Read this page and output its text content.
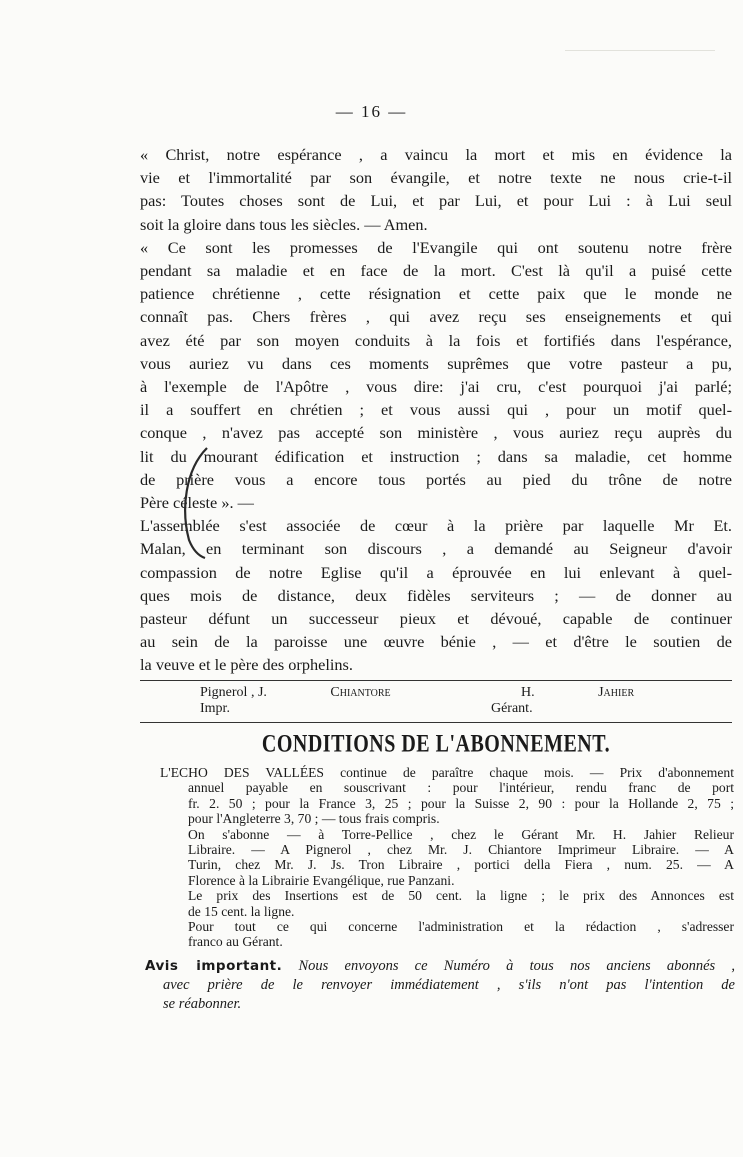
— 16 —
« Christ, notre espérance , a vaincu la mort et mis en évidence la
vie et l'immortalité par son évangile, et notre texte ne nous crie-t-il
pas: Toutes choses sont de Lui, et par Lui, et pour Lui : à Lui seul
soit la gloire dans tous les siècles. — Amen.
« Ce sont les promesses de l'Evangile qui ont soutenu notre frère
pendant sa maladie et en face de la mort. C'est là qu'il a puisé cette
patience chrétienne , cette résignation et cette paix que le monde ne
connaît pas. Chers frères , qui avez reçu ses enseignements et qui
avez été par son moyen conduits à la fois et fortifiés dans l'espérance,
vous auriez vu dans ces moments suprêmes que votre pasteur a pu,
à l'exemple de l'Apôtre , vous dire: j'ai cru, c'est pourquoi j'ai parlé;
il a souffert en chrétien ; et vous aussi qui , pour un motif quel-
conque , n'avez pas accepté son ministère , vous auriez reçu auprès du
lit du mourant édification et instruction ; dans sa maladie, cet homme
de prière vous a encore tous portés au pied du trône de notre
Père céleste ». —
L'assemblée s'est associée de cœur à la prière par laquelle Mr Et.
Malan, en terminant son discours , a demandé au Seigneur d'avoir
compassion de notre Eglise qu'il a éprouvée en lui enlevant à quel-
ques mois de distance, deux fidèles serviteurs ; — de donner au
pasteur défunt un successeur pieux et dévoué, capable de continuer
au sein de la paroisse une œuvre bénie , — et d'être le soutien de
la veuve et le père des orphelins.
Pignerol , J.	Chiantore Impr.
H.	Jahier Gérant.
CONDITIONS DE L'ABONNEMENT.
L'ECHO DES VALLÉES continue de paraître chaque mois. — Prix d'abonnement
annuel payable en souscrivant : pour l'intérieur, rendu franc de port
fr. 2. 50 ; pour la France 3, 25 ; pour la Suisse 2, 90 : pour la Hollande 2, 75 ;
pour l'Angleterre 3, 70 ; — tous frais compris.
On s'abonne — à Torre-Pellice , chez le Gérant Mr. H. Jahier Relieur
Libraire. — A Pignerol , chez Mr. J. Chiantore Imprimeur Libraire. — A
Turin, chez Mr. J. Js. Tron Libraire , portici della Fiera , num. 25. — A
Florence à la Librairie Evangélique, rue Panzani.
Le prix des Insertions est de 50 cent. la ligne ; le prix des Annonces est
de 15 cent. la ligne.
Pour tout ce qui concerne l'administration et la rédaction , s'adresser
franco au Gérant.
Avis important. Nous envoyons ce Numéro à tous nos anciens abonnés ,
avec prière de le renvoyer immédiatement , s'ils n'ont pas l'intention de
se réabonner.
